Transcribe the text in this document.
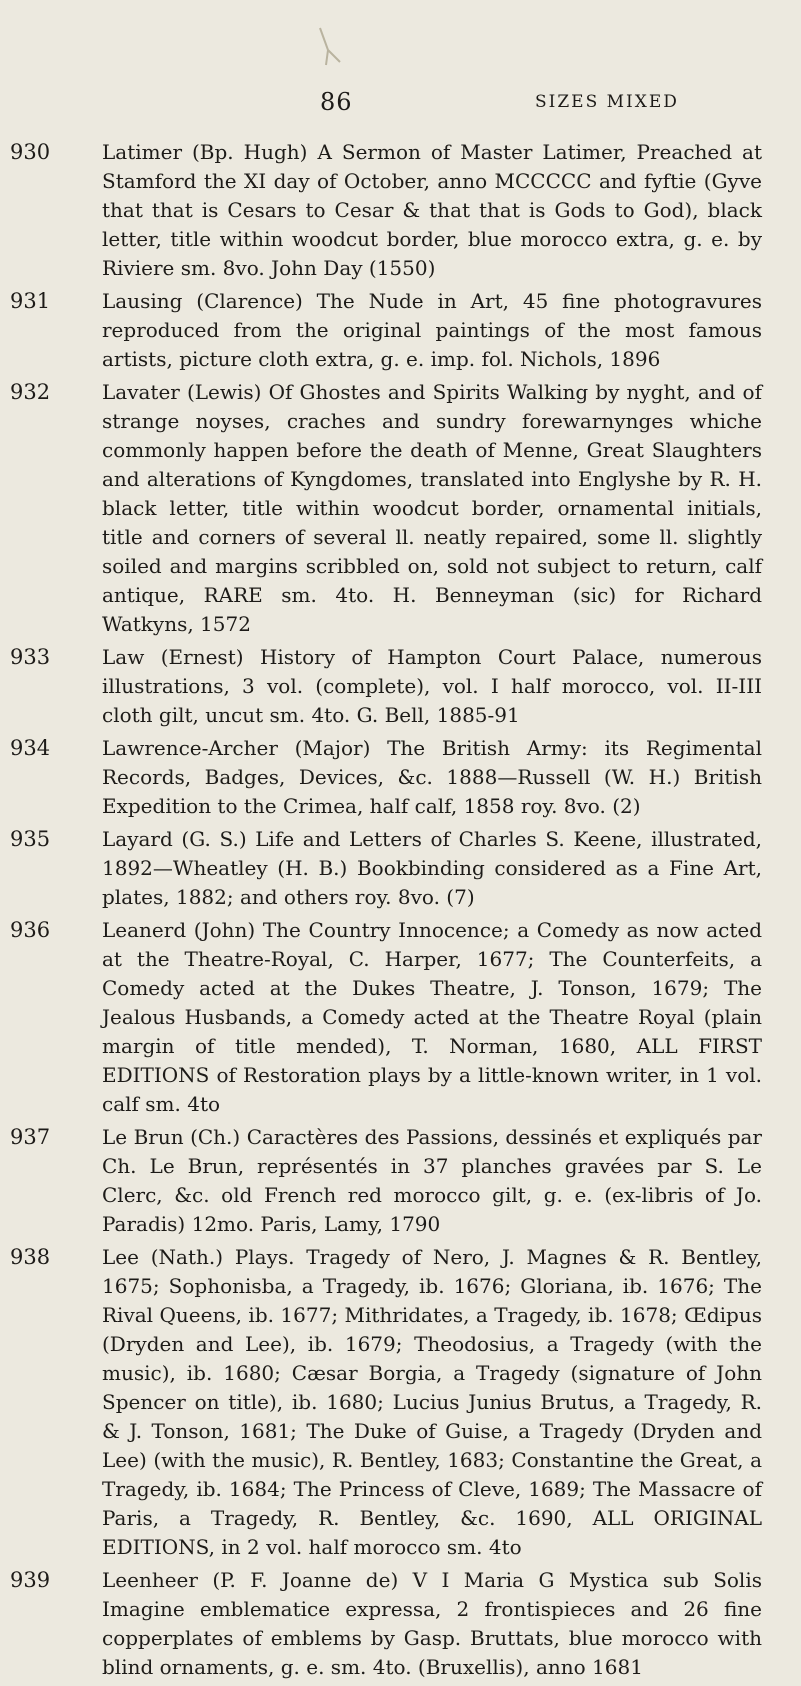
86	SIZES MIXED
930	Latimer (Bp. Hugh) A Sermon of Master Latimer, Preached at Stamford the XI day of October, anno MCCCCC and fyftie (Gyve that that is Cesars to Cesar & that that is Gods to God), black letter, title within woodcut border, blue morocco extra, g. e. by Riviere sm. 8vo. John Day (1550)
931	Lausing (Clarence) The Nude in Art, 45 fine photogravures reproduced from the original paintings of the most famous artists, picture cloth extra, g. e. imp. fol. Nichols, 1896
932	Lavater (Lewis) Of Ghostes and Spirits Walking by nyght, and of strange noyses, craches and sundry forewarnynges whiche commonly happen before the death of Menne, Great Slaughters and alterations of Kyngdomes, translated into Englyshe by R. H. black letter, title within woodcut border, ornamental initials, title and corners of several ll. neatly repaired, some ll. slightly soiled and margins scribbled on, sold not subject to return, calf antique, RARE sm. 4to. H. Benneyman (sic) for Richard Watkyns, 1572
933	Law (Ernest) History of Hampton Court Palace, numerous illustrations, 3 vol. (complete), vol. I half morocco, vol. II-III cloth gilt, uncut sm. 4to. G. Bell, 1885-91
934	Lawrence-Archer (Major) The British Army: its Regimental Records, Badges, Devices, &c. 1888—Russell (W. H.) British Expedition to the Crimea, half calf, 1858 roy. 8vo. (2)
935	Layard (G. S.) Life and Letters of Charles S. Keene, illustrated, 1892—Wheatley (H. B.) Bookbinding considered as a Fine Art, plates, 1882; and others roy. 8vo. (7)
936	Leanerd (John) The Country Innocence; a Comedy as now acted at the Theatre-Royal, C. Harper, 1677; The Counterfeits, a Comedy acted at the Dukes Theatre, J. Tonson, 1679; The Jealous Husbands, a Comedy acted at the Theatre Royal (plain margin of title mended), T. Norman, 1680, ALL FIRST EDITIONS of Restoration plays by a little-known writer, in 1 vol. calf sm. 4to
937	Le Brun (Ch.) Caractères des Passions, dessinés et expliqués par Ch. Le Brun, représentés in 37 planches gravées par S. Le Clerc, &c. old French red morocco gilt, g. e. (ex-libris of Jo. Paradis) 12mo. Paris, Lamy, 1790
938	Lee (Nath.) Plays. Tragedy of Nero, J. Magnes & R. Bentley, 1675; Sophonisba, a Tragedy, ib. 1676; Gloriana, ib. 1676; The Rival Queens, ib. 1677; Mithridates, a Tragedy, ib. 1678; Œdipus (Dryden and Lee), ib. 1679; Theodosius, a Tragedy (with the music), ib. 1680; Cæsar Borgia, a Tragedy (signature of John Spencer on title), ib. 1680; Lucius Junius Brutus, a Tragedy, R. & J. Tonson, 1681; The Duke of Guise, a Tragedy (Dryden and Lee) (with the music), R. Bentley, 1683; Constantine the Great, a Tragedy, ib. 1684; The Princess of Cleve, 1689; The Massacre of Paris, a Tragedy, R. Bentley, &c. 1690, ALL ORIGINAL EDITIONS, in 2 vol. half morocco sm. 4to
939	Leenheer (P. F. Joanne de) V I Maria G Mystica sub Solis Imagine emblematice expressa, 2 frontispieces and 26 fine copperplates of emblems by Gasp. Bruttats, blue morocco with blind ornaments, g. e. sm. 4to. (Bruxellis), anno 1681
